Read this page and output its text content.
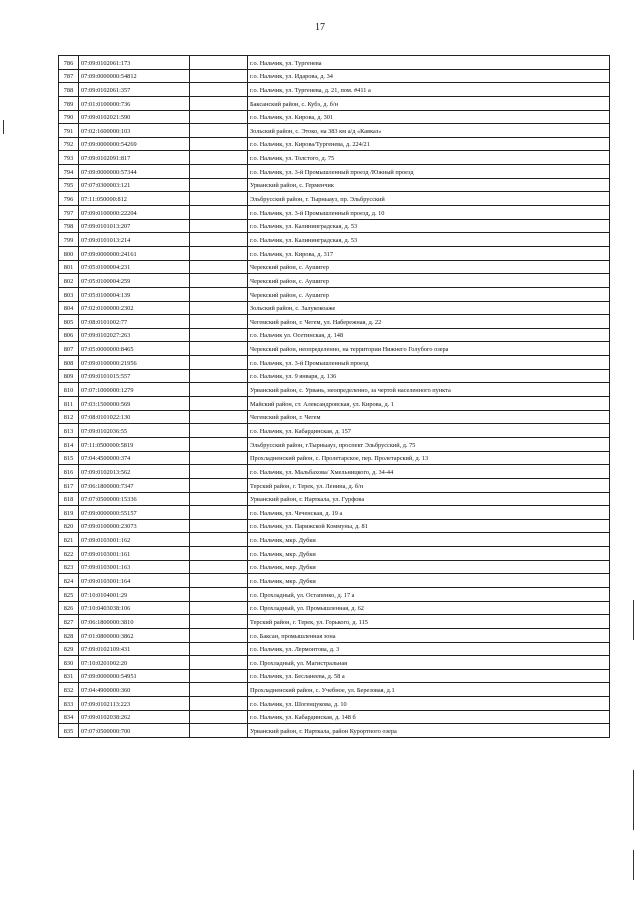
17
786	07:09:0102061:173		г.о. Нальчик, ул. Тургенева
787	07:09:0000000:54812		г.о. Нальчик, ул. Идарова, д. 34
788	07:09:0102061:357		г.о. Нальчик, ул. Тургенева, д. 21, пом. #411 а
789	07:01:0100000:736		Баксанский район, с. Кубэ, д. б/н
790	07:09:0102021:590		г.о. Нальчик, ул. Кирова, д. 301
791	07:02:1600000:103		Зольский район, с. Этоко, на 383 км а/д «Кавказ»
792	07:09:0000000:54269		г.о. Нальчик, ул. Кирова/Тургенева, д. 224/21
793	07:09:0102091:817		г.о. Нальчик, ул. Толстого, д. 75
794	07:09:0000000:57344		г.о. Нальчик, ул. 3-й Промышленный проезд /Южный проезд
795	07:07:0300003:121		Урванский район, с. Герменчик
796	07:11:050000:812		Эльбрусский район, г. Тырныауз, пр. Эльбрусский
797	07:09:0100000:22204		г.о. Нальчик, ул. 3-й Промышленный проезд, д. 10
798	07:09:0101013:207		г.о. Нальчик, ул. Калининградская, д. 53
799	07:09:0101013:214		г.о. Нальчик, ул. Калининградская, д. 53
800	07:09:0000000:24161		г.о. Нальчик, ул. Кирова, д. 317
801	07:05:0100004:231		Черекский район, с. Аушигер
802	07:05:0100004:259		Черекский район, с. Аушигер
803	07:05:0100004:139		Черекский район, с. Аушигер
804	07:02:0100000:2302		Зольский район, с. Залукокоаже
805	07:08:0101002:77		Чегемский район, г. Чегем, ул. Набережная, д. 22
806	07:09:0102027:263		г.о. Нальчик ул. Осетинская, д. 148
807	07:05:0000000:8465		Черекский район, неопределенно, на территории Нижнего Голубого озера
808	07:09:0100000:21956		г.о. Нальчик, ул. 3-й Промышленный проезд
809	07:09:0101015:557		г.о. Нальчик, ул. 9 января, д. 136
810	07:07:1000000:1279		Урванский район, с. Урвань, неопределенно, за чертой населенного пункта
811	07:03:1500000:569		Майский район, ст. Александровская, ул. Кирова, д. 1
812	07:08:0101022:130		Чегемский район, г. Чегем
813	07:09:0102036:55		г.о. Нальчик, ул. Кабардинская, д. 157
814	07:11:0500000:5819		Эльбрусский район, г.Тырныауз, проспект Эльбрусский, д. 75
815	07:04:4500000:374		Прохладненский район, с. Пролетарское, пер. Пролетарский, д. 13
816	07:09:0102013:562		г.о. Нальчик, ул. Мальбахова/ Хмельницкого, д. 34-44
817	07:06:1800000:7347		Терский район, г. Терек, ул. Ленина, д. б/н
818	07:07:0500000:15336		Урванский район, г. Нарткала, ул. Гурфова
819	07:09:0000000:55157		г.о. Нальчик, ул. Чеченская, д. 19 а
820	07:09:0100000:23073		г.о. Нальчик, ул. Парижской Коммуны, д. 81
821	07:09:0103001:162		г.о. Нальчик, мкр. Дубки
822	07:09:0103001:161		г.о. Нальчик, мкр. Дубки
823	07:09:0103001:163		г.о. Нальчик, мкр. Дубки
824	07:09:0103001:164		г.о. Нальчик, мкр. Дубки
825	07:10:0104001:29		г.о. Прохладный, ул. Остапенко, д. 17 а
826	07:10:0403038:106		г.о. Прохладный, ул. Промышленная, д. 62
827	07:06:1800000:3810		Терский район, г. Терек, ул. Горького, д. 115
828	07:01:0800000:3862		г.о. Баксан, промышленная зона
829	07:09:0102109:431		г.о. Нальчик, ул. Лермонтова, д. 3
830	07:10:0201002:20		г.о. Прохладный, ул. Магистральная
831	07:09:0000000:54951		г.о. Нальчик, ул. Бесланеева, д. 58 а
832	07:04:4900000:360		Прохладненский район, с. Учебное, ул. Березовая, д.1
833	07:09:0102113:223		г.о. Нальчик, ул. Шогенцукова, д. 10
834	07:09:0102038:262		г.о. Нальчик, ул. Кабардинская, д. 148 б
835	07:07:0500000:700		Урванский район, г. Нарткала, район Курортного озера
